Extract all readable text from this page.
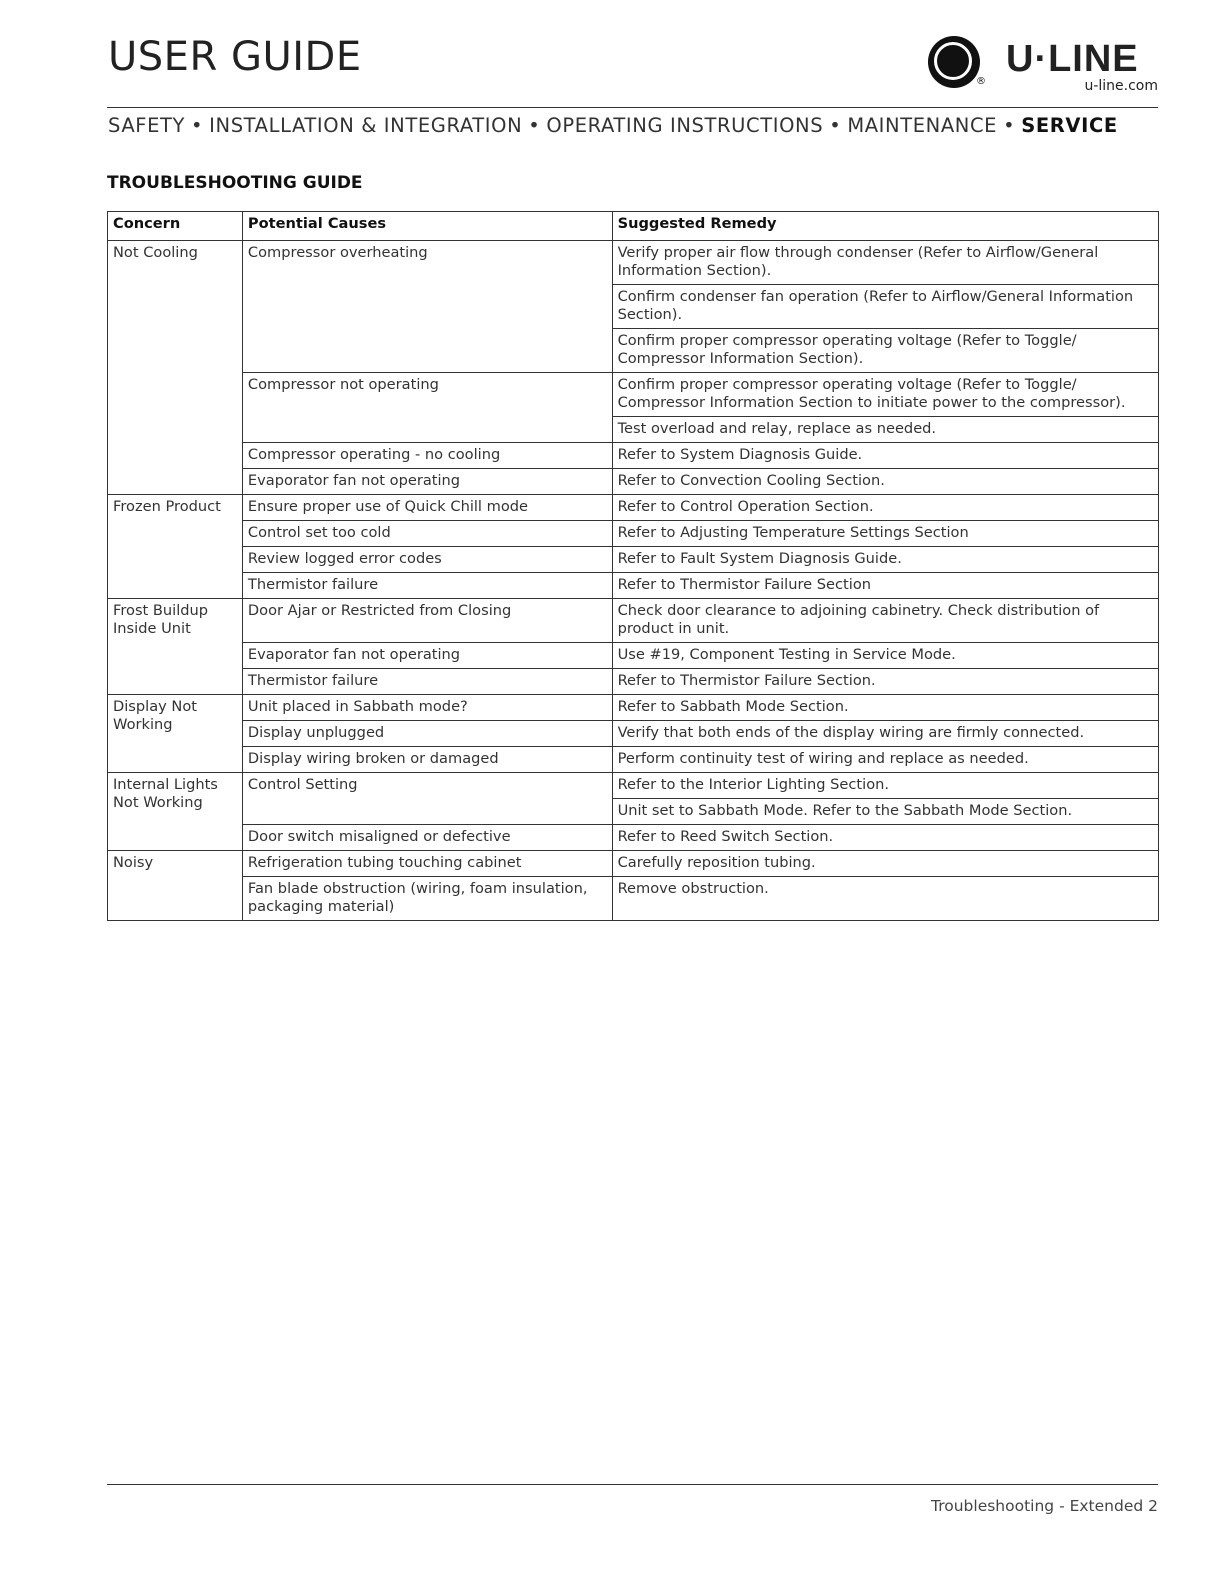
USER GUIDE
®
U·LINE
u-line.com
SAFETY • INSTALLATION & INTEGRATION • OPERATING INSTRUCTIONS • MAINTENANCE • SERVICE
TROUBLESHOOTING GUIDE
Concern	Potential Causes	Suggested Remedy
Not Cooling	Compressor overheating	Verify proper air flow through condenser (Refer to Airflow/General Information Section).
		Confirm condenser fan operation (Refer to Airflow/General Information Section).
		Confirm proper compressor operating voltage (Refer to Toggle/ Compressor Information Section).
	Compressor not operating	Confirm proper compressor operating voltage (Refer to Toggle/ Compressor Information Section to initiate power to the compressor).
		Test overload and relay, replace as needed.
	Compressor operating - no cooling	Refer to System Diagnosis Guide.
	Evaporator fan not operating	Refer to Convection Cooling Section.
Frozen Product	Ensure proper use of Quick Chill mode	Refer to Control Operation Section.
	Control set too cold	Refer to Adjusting Temperature Settings Section
	Review logged error codes	Refer to Fault System Diagnosis Guide.
	Thermistor failure	Refer to Thermistor Failure Section
Frost Buildup Inside Unit	Door Ajar or Restricted from Closing	Check door clearance to adjoining cabinetry. Check distribution of product in unit.
	Evaporator fan not operating	Use #19, Component Testing in Service Mode.
	Thermistor failure	Refer to Thermistor Failure Section.
Display Not Working	Unit placed in Sabbath mode?	Refer to Sabbath Mode Section.
	Display unplugged	Verify that both ends of the display wiring are firmly connected.
	Display wiring broken or damaged	Perform continuity test of wiring and replace as needed.
Internal Lights Not Working	Control Setting	Refer to the Interior Lighting Section.
		Unit set to Sabbath Mode. Refer to the Sabbath Mode Section.
	Door switch misaligned or defective	Refer to Reed Switch Section.
Noisy	Refrigeration tubing touching cabinet	Carefully reposition tubing.
	Fan blade obstruction (wiring, foam insulation, packaging material)	Remove obstruction.
Troubleshooting - Extended 2
